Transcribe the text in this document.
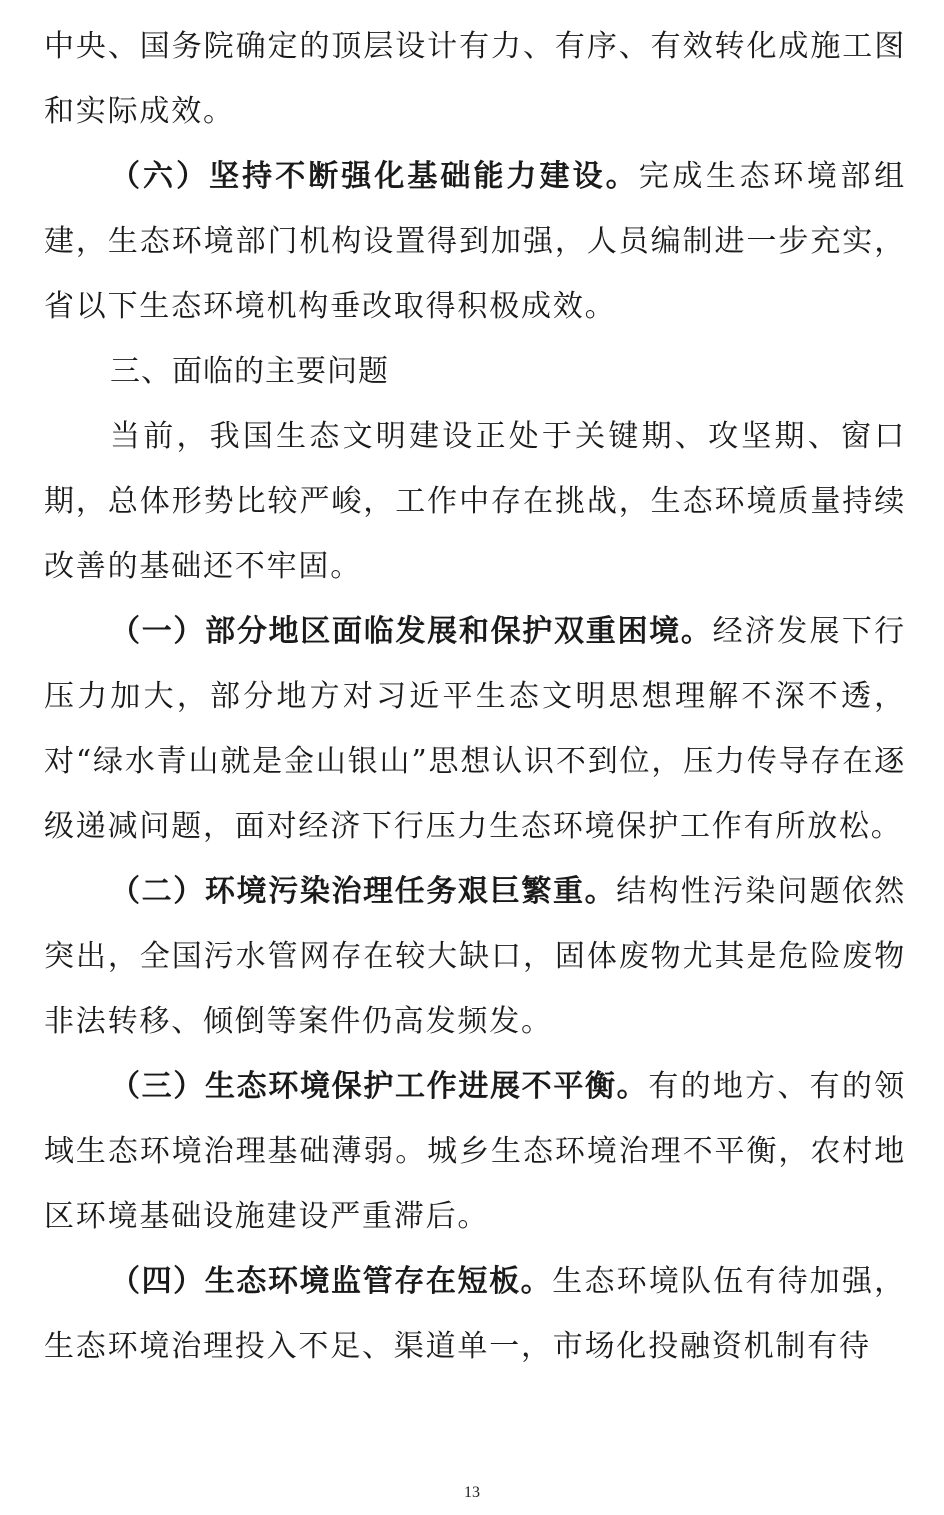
中央、国务院确定的顶层设计有力、有序、有效转化成施工图和实际成效。

（六）坚持不断强化基础能力建设。完成生态环境部组建，生态环境部门机构设置得到加强，人员编制进一步充实，省以下生态环境机构垂改取得积极成效。

三、面临的主要问题

当前，我国生态文明建设正处于关键期、攻坚期、窗口期，总体形势比较严峻，工作中存在挑战，生态环境质量持续改善的基础还不牢固。

（一）部分地区面临发展和保护双重困境。经济发展下行压力加大，部分地方对习近平生态文明思想理解不深不透，对“绿水青山就是金山银山”思想认识不到位，压力传导存在逐级递减问题，面对经济下行压力生态环境保护工作有所放松。

（二）环境污染治理任务艰巨繁重。结构性污染问题依然突出，全国污水管网存在较大缺口，固体废物尤其是危险废物非法转移、倾倒等案件仍高发频发。

（三）生态环境保护工作进展不平衡。有的地方、有的领域生态环境治理基础薄弱。城乡生态环境治理不平衡，农村地区环境基础设施建设严重滞后。

（四）生态环境监管存在短板。生态环境队伍有待加强，生态环境治理投入不足、渠道单一，市场化投融资机制有待

13
